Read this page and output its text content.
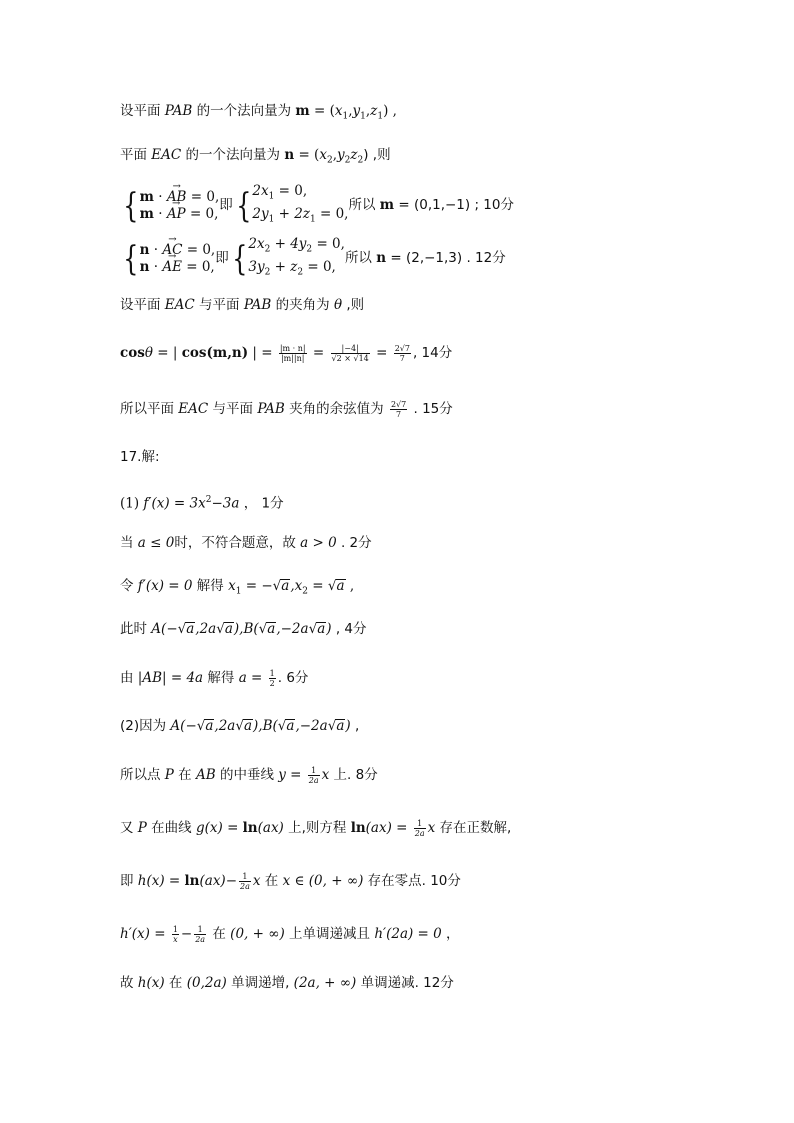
设平面 PAB 的一个法向量为 $m = (x_1,y_1,z_1)$ ,
平面 EAC 的一个法向量为 $n = (x_2,y_2z_2)$ ,则
{ m · → AB = 0,
m · → AP = 0,
即{ $2x_1 = 0$,
$2y_1 + 2z_1 = 0$,
所以 m = (0,1,−1) ; 10分
{ n · → AC = 0,
n · → AE = 0,
即{ $2x_2 + 4y_2 = 0$,
$3y_2 + z_2 = 0$,
所以 n = (2,−1,3) . 12分
设平面 EAC 与平面 PAB 的夹角为 θ ,则
cosθ = | cos(m,n) | = $\frac{|m \cdot n|}{|m||n|} = \frac{|-4|}{√2 \times √14} = \frac{2√7}{7}$ , 14分
所以平面 EAC 与平面 PAB 夹角的余弦值为 $\frac{2√7}{7}$ . 15分
17.解:
(1) $f'(x) = 3x^2-3a$ ， 1分
当 a ≤ 0时，不符合题意，故 a > 0 . 2分
令 f′(x) = 0 解得 $x_1 = -√a,x_2 = √a$ ,
此时 A(−√a,2a√a),B(√a,−2a√a) , 4分
由 |AB| = 4a 解得 $a = \frac{1}{2}$ . 6分
(2)因为 A(−√a,2a√a),B(√a,−2a√a) ,
所以点 P 在 AB 的中垂线 $y = \frac{1}{2a}$ x 上. 8分
又 P 在曲线 g(x) = ln(ax) 上,则方程 $\ln(ax) = \frac{1}{2a}$ x 存在正数解,
即 $h(x) = \ln(ax)- \frac{1}{2a}$ x 在 x ∈ (0, + ∞) 存在零点. 10分
$h'(x) = \frac{1}{x} - \frac{1}{2a}$ 在 (0, + ∞) 上单调递减且 h′(2a) = 0 ，
故 h(x) 在 (0,2a) 单调递增, (2a, + ∞) 单调递减. 12分
